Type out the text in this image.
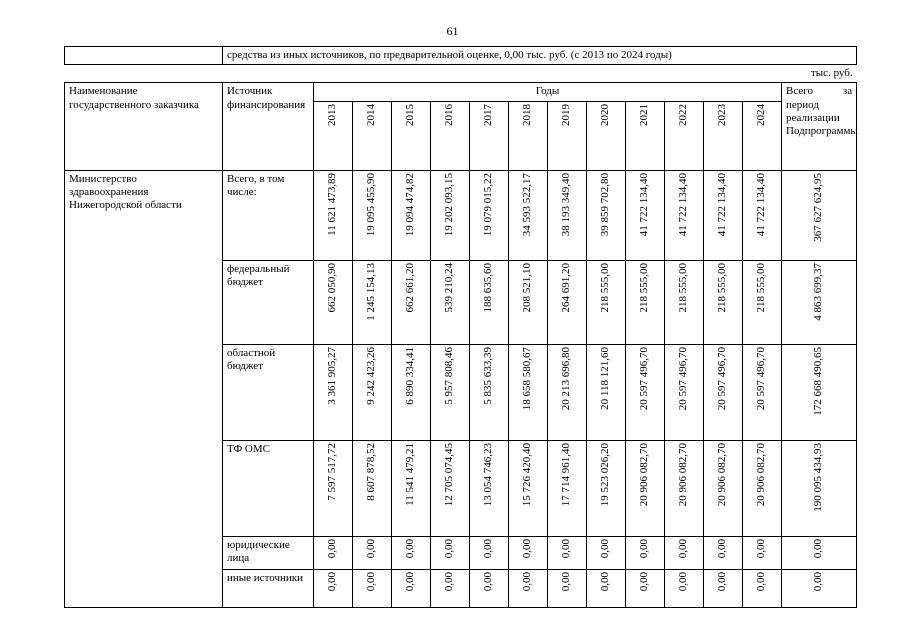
61
	средства из иных источников, по предварительной оценке, 0,00 тыс. руб. (с 2013 по 2024 годы)													
тыс. руб.														
Наименование государственного заказчика	Источник финансирования	Годы												Всего за период реализации Подпрограммы
		2013	2014	2015	2016	2017	2018	2019	2020	2021	2022	2023	2024	
Министерство здравоохранения Нижегородской области	Всего, в том числе:	11 621 473,89	19 095 455,90	19 094 474,82	19 202 093,15	19 079 015,22	34 593 522,17	38 193 349,40	39 859 702,80	41 722 134,40	41 722 134,40	41 722 134,40	41 722 134,40	367 627 624,95
	федеральный бюджет	662 050,90	1 245 154,13	662 661,20	539 210,24	188 635,60	208 521,10	264 691,20	218 555,00	218 555,00	218 555,00	218 555,00	218 555,00	4 863 699,37
	областной бюджет	3 361 905,27	9 242 423,26	6 890 334,41	5 957 808,46	5 835 633,39	18 658 580,67	20 213 696,80	20 118 121,60	20 597 496,70	20 597 496,70	20 597 496,70	20 597 496,70	172 668 490,65
	ТФ ОМС	7 597 517,72	8 607 878,52	11 541 479,21	12 705 074,45	13 054 746,23	15 726 420,40	17 714 961,40	19 523 026,20	20 906 082,70	20 906 082,70	20 906 082,70	20 906 082,70	190 095 434,93
	юридические лица	0,00	0,00	0,00	0,00	0,00	0,00	0,00	0,00	0,00	0,00	0,00	0,00	0,00
	иные источники	0,00	0,00	0,00	0,00	0,00	0,00	0,00	0,00	0,00	0,00	0,00	0,00	0,00
